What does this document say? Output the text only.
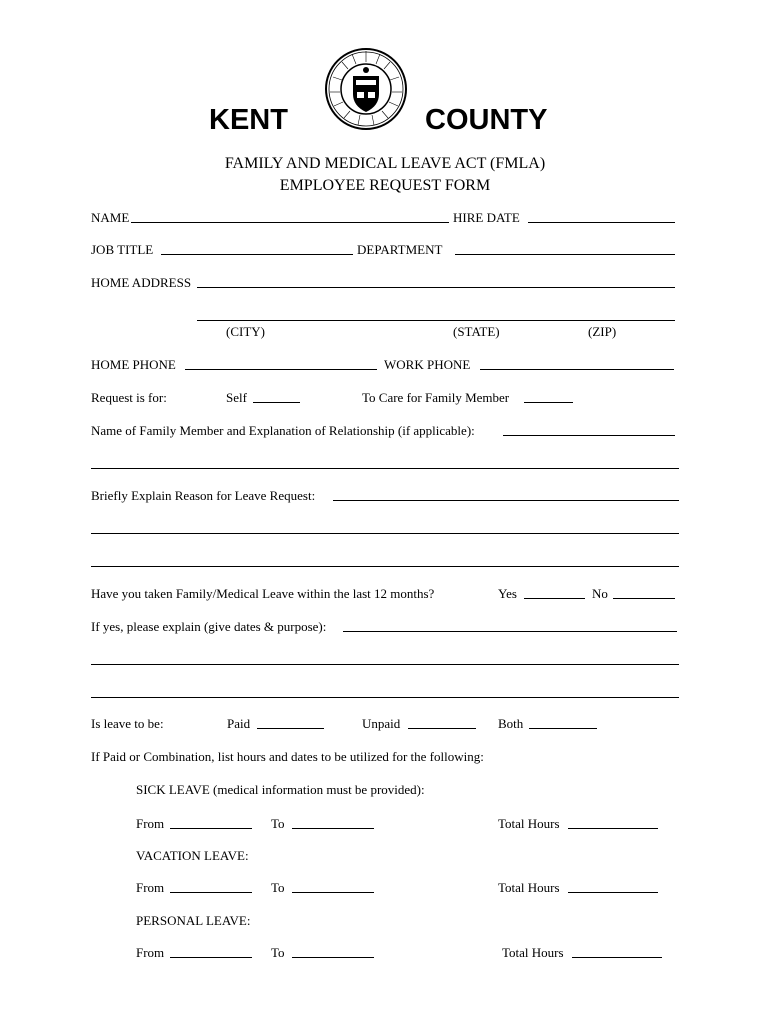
KENT	COUNTY
FAMILY AND MEDICAL LEAVE ACT (FMLA)
EMPLOYEE REQUEST FORM
NAME	HIRE DATE
JOB TITLE	DEPARTMENT
HOME ADDRESS
(CITY)	(STATE)	(ZIP)
HOME PHONE	WORK PHONE
Request is for:	Self	To Care for Family Member
Name of Family Member and Explanation of Relationship (if applicable):
Briefly Explain Reason for Leave Request:
Have you taken Family/Medical Leave within the last 12 months?	Yes	No
If yes, please explain (give dates & purpose):
Is leave to be:	Paid	Unpaid	Both
If Paid or Combination, list hours and dates to be utilized for the following:
SICK LEAVE (medical information must be provided):
From	To	Total Hours
VACATION LEAVE:
From	To	Total Hours
PERSONAL LEAVE:
From	To	Total Hours
